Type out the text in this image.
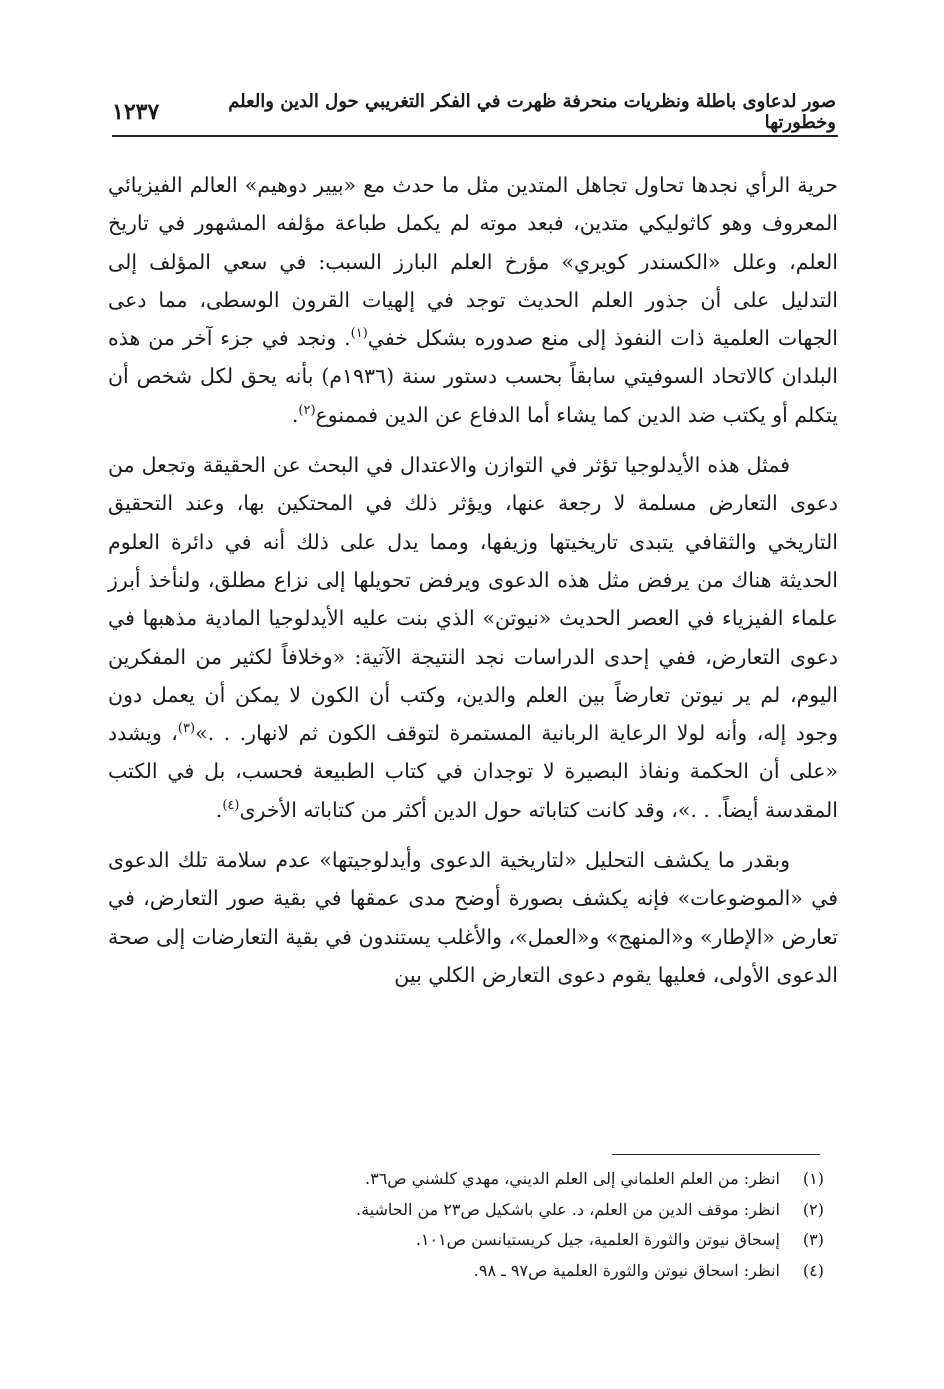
صور لدعاوى باطلة ونظريات منحرفة ظهرت في الفكر التغريبي حول الدين والعلم وخطورتها
١٢٣٧

حرية الرأي نجدها تحاول تجاهل المتدين مثل ما حدث مع «بيير دوهيم» العالم الفيزيائي المعروف وهو كاثوليكي متدين، فبعد موته لم يكمل طباعة مؤلفه المشهور في تاريخ العلم، وعلل «الكسندر كويري» مؤرخ العلم البارز السبب: في سعي المؤلف إلى التدليل على أن جذور العلم الحديث توجد في إلهيات القرون الوسطى، مما دعى الجهات العلمية ذات النفوذ إلى منع صدوره بشكل خفي$^{(١)}$. ونجد في جزء آخر من هذه البلدان كالاتحاد السوفيتي سابقاً بحسب دستور سنة (١٩٣٦م) بأنه يحق لكل شخص أن يتكلم أو يكتب ضد الدين كما يشاء أما الدفاع عن الدين فممنوع$^{(٢)}$.

فمثل هذه الأيدلوجيا تؤثر في التوازن والاعتدال في البحث عن الحقيقة وتجعل من دعوى التعارض مسلمة لا رجعة عنها، ويؤثر ذلك في المحتكين بها، وعند التحقيق التاريخي والثقافي يتبدى تاريخيتها وزيفها، ومما يدل على ذلك أنه في دائرة العلوم الحديثة هناك من يرفض مثل هذه الدعوى ويرفض تحويلها إلى نزاع مطلق، ولنأخذ أبرز علماء الفيزياء في العصر الحديث «نيوتن» الذي بنت عليه الأيدلوجيا المادية مذهبها في دعوى التعارض، ففي إحدى الدراسات نجد النتيجة الآتية: «وخلافاً لكثير من المفكرين اليوم، لم ير نيوتن تعارضاً بين العلم والدين، وكتب أن الكون لا يمكن أن يعمل دون وجود إله، وأنه لولا الرعاية الربانية المستمرة لتوقف الكون ثم لانهار. . .»$^{(٣)}$، ويشدد «على أن الحكمة ونفاذ البصيرة لا توجدان في كتاب الطبيعة فحسب، بل في الكتب المقدسة أيضاً. . .»، وقد كانت كتاباته حول الدين أكثر من كتاباته الأخرى$^{(٤)}$.

وبقدر ما يكشف التحليل «لتاريخية الدعوى وأيدلوجيتها» عدم سلامة تلك الدعوى في «الموضوعات» فإنه يكشف بصورة أوضح مدى عمقها في بقية صور التعارض، في تعارض «الإطار» و«المنهج» و«العمل»، والأغلب يستندون في بقية التعارضات إلى صحة الدعوى الأولى، فعليها يقوم دعوى التعارض الكلي بين

(١)
انظر: من العلم العلماني إلى العلم الديني، مهدي كلشني ص٣٦.
(٢)
انظر: موقف الدين من العلم، د. علي باشكيل ص٢٣ من الحاشية.
(٣)
إسحاق نيوتن والثورة العلمية، جيل كريستيانسن ص١٠١.
(٤)
انظر: اسحاق نيوتن والثورة العلمية ص٩٧ ـ ٩٨.
